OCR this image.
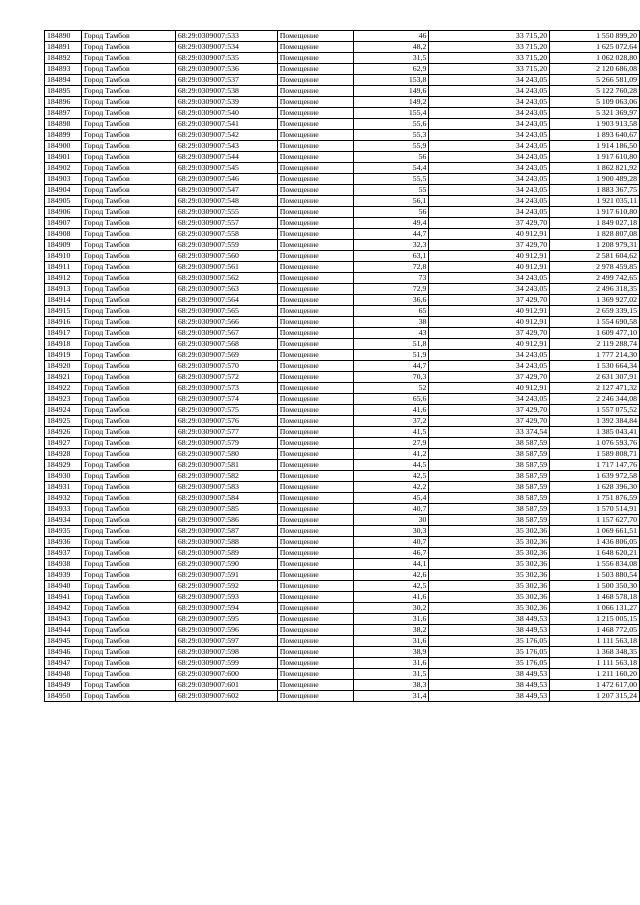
184890	Город Тамбов	68:29:0309007:533	Помещение	46	33 715,20	1 550 899,20
184891	Город Тамбов	68:29:0309007:534	Помещение	48,2	33 715,20	1 625 072,64
184892	Город Тамбов	68:29:0309007:535	Помещение	31,5	33 715,20	1 062 028,80
184893	Город Тамбов	68:29:0309007:536	Помещение	62,9	33 715,20	2 120 686,08
184894	Город Тамбов	68:29:0309007:537	Помещение	153,8	34 243,05	5 266 581,09
184895	Город Тамбов	68:29:0309007:538	Помещение	149,6	34 243,05	5 122 760,28
184896	Город Тамбов	68:29:0309007:539	Помещение	149,2	34 243,05	5 109 063,06
184897	Город Тамбов	68:29:0309007:540	Помещение	155,4	34 243,05	5 321 369,97
184898	Город Тамбов	68:29:0309007:541	Помещение	55,6	34 243,05	1 903 913,58
184899	Город Тамбов	68:29:0309007:542	Помещение	55,3	34 243,05	1 893 640,67
184900	Город Тамбов	68:29:0309007:543	Помещение	55,9	34 243,05	1 914 186,50
184901	Город Тамбов	68:29:0309007:544	Помещение	56	34 243,05	1 917 610,80
184902	Город Тамбов	68:29:0309007:545	Помещение	54,4	34 243,05	1 862 821,92
184903	Город Тамбов	68:29:0309007:546	Помещение	55,5	34 243,05	1 900 489,28
184904	Город Тамбов	68:29:0309007:547	Помещение	55	34 243,05	1 883 367,75
184905	Город Тамбов	68:29:0309007:548	Помещение	56,1	34 243,05	1 921 035,11
184906	Город Тамбов	68:29:0309007:555	Помещение	56	34 243,05	1 917 610,80
184907	Город Тамбов	68:29:0309007:557	Помещение	49,4	37 429,70	1 849 027,18
184908	Город Тамбов	68:29:0309007:558	Помещение	44,7	40 912,91	1 828 807,08
184909	Город Тамбов	68:29:0309007:559	Помещение	32,3	37 429,70	1 208 979,31
184910	Город Тамбов	68:29:0309007:560	Помещение	63,1	40 912,91	2 581 604,62
184911	Город Тамбов	68:29:0309007:561	Помещение	72,8	40 912,91	2 978 459,85
184912	Город Тамбов	68:29:0309007:562	Помещение	73	34 243,05	2 499 742,65
184913	Город Тамбов	68:29:0309007:563	Помещение	72,9	34 243,05	2 496 318,35
184914	Город Тамбов	68:29:0309007:564	Помещение	36,6	37 429,70	1 369 927,02
184915	Город Тамбов	68:29:0309007:565	Помещение	65	40 912,91	2 659 339,15
184916	Город Тамбов	68:29:0309007:566	Помещение	38	40 912,91	1 554 690,58
184917	Город Тамбов	68:29:0309007:567	Помещение	43	37 429,70	1 609 477,10
184918	Город Тамбов	68:29:0309007:568	Помещение	51,8	40 912,91	2 119 288,74
184919	Город Тамбов	68:29:0309007:569	Помещение	51,9	34 243,05	1 777 214,30
184920	Город Тамбов	68:29:0309007:570	Помещение	44,7	34 243,05	1 530 664,34
184921	Город Тамбов	68:29:0309007:572	Помещение	70,3	37 429,70	2 631 307,91
184922	Город Тамбов	68:29:0309007:573	Помещение	52	40 912,91	2 127 471,32
184923	Город Тамбов	68:29:0309007:574	Помещение	65,6	34 243,05	2 246 344,08
184924	Город Тамбов	68:29:0309007:575	Помещение	41,6	37 429,70	1 557 075,52
184925	Город Тамбов	68:29:0309007:576	Помещение	37,2	37 429,70	1 392 384,84
184926	Город Тамбов	68:29:0309007:577	Помещение	41,5	33 374,54	1 385 043,41
184927	Город Тамбов	68:29:0309007:579	Помещение	27,9	38 587,59	1 076 593,76
184928	Город Тамбов	68:29:0309007:580	Помещение	41,2	38 587,59	1 589 808,71
184929	Город Тамбов	68:29:0309007:581	Помещение	44,5	38 587,59	1 717 147,76
184930	Город Тамбов	68:29:0309007:582	Помещение	42,5	38 587,59	1 639 972,58
184931	Город Тамбов	68:29:0309007:583	Помещение	42,2	38 587,59	1 628 396,30
184932	Город Тамбов	68:29:0309007:584	Помещение	45,4	38 587,59	1 751 876,59
184933	Город Тамбов	68:29:0309007:585	Помещение	40,7	38 587,59	1 570 514,91
184934	Город Тамбов	68:29:0309007:586	Помещение	30	38 587,59	1 157 627,70
184935	Город Тамбов	68:29:0309007:587	Помещение	30,3	35 302,36	1 069 661,51
184936	Город Тамбов	68:29:0309007:588	Помещение	40,7	35 302,36	1 436 806,05
184937	Город Тамбов	68:29:0309007:589	Помещение	46,7	35 302,36	1 648 620,21
184938	Город Тамбов	68:29:0309007:590	Помещение	44,1	35 302,36	1 556 834,08
184939	Город Тамбов	68:29:0309007:591	Помещение	42,6	35 302,36	1 503 880,54
184940	Город Тамбов	68:29:0309007:592	Помещение	42,5	35 302,36	1 500 350,30
184941	Город Тамбов	68:29:0309007:593	Помещение	41,6	35 302,36	1 468 578,18
184942	Город Тамбов	68:29:0309007:594	Помещение	30,2	35 302,36	1 066 131,27
184943	Город Тамбов	68:29:0309007:595	Помещение	31,6	38 449,53	1 215 005,15
184944	Город Тамбов	68:29:0309007:596	Помещение	38,2	38 449,53	1 468 772,05
184945	Город Тамбов	68:29:0309007:597	Помещение	31,6	35 176,05	1 111 563,18
184946	Город Тамбов	68:29:0309007:598	Помещение	38,9	35 176,05	1 368 348,35
184947	Город Тамбов	68:29:0309007:599	Помещение	31,6	35 176,05	1 111 563,18
184948	Город Тамбов	68:29:0309007:600	Помещение	31,5	38 449,53	1 211 160,20
184949	Город Тамбов	68:29:0309007:601	Помещение	38,3	38 449,53	1 472 617,00
184950	Город Тамбов	68:29:0309007:602	Помещение	31,4	38 449,53	1 207 315,24
